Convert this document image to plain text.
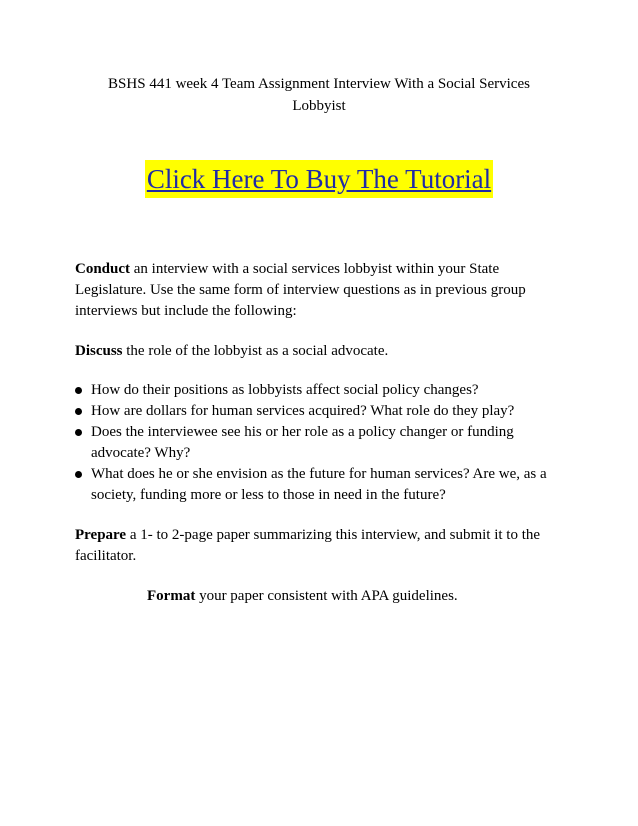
BSHS 441 week 4 Team Assignment Interview With a Social Services
Lobbyist
Click Here To Buy The Tutorial

Conduct an interview with a social services lobbyist within your State Legislature. Use the same form of interview questions as in previous group interviews but include the following:

Discuss the role of the lobbyist as a social advocate.

How do their positions as lobbyists affect social policy changes?
How are dollars for human services acquired? What role do they play?
Does the interviewee see his or her role as a policy changer or funding advocate? Why?
What does he or she envision as the future for human services? Are we, as a society, funding more or less to those in need in the future?

Prepare a 1- to 2-page paper summarizing this interview, and submit it to the facilitator.

Format your paper consistent with APA guidelines.
